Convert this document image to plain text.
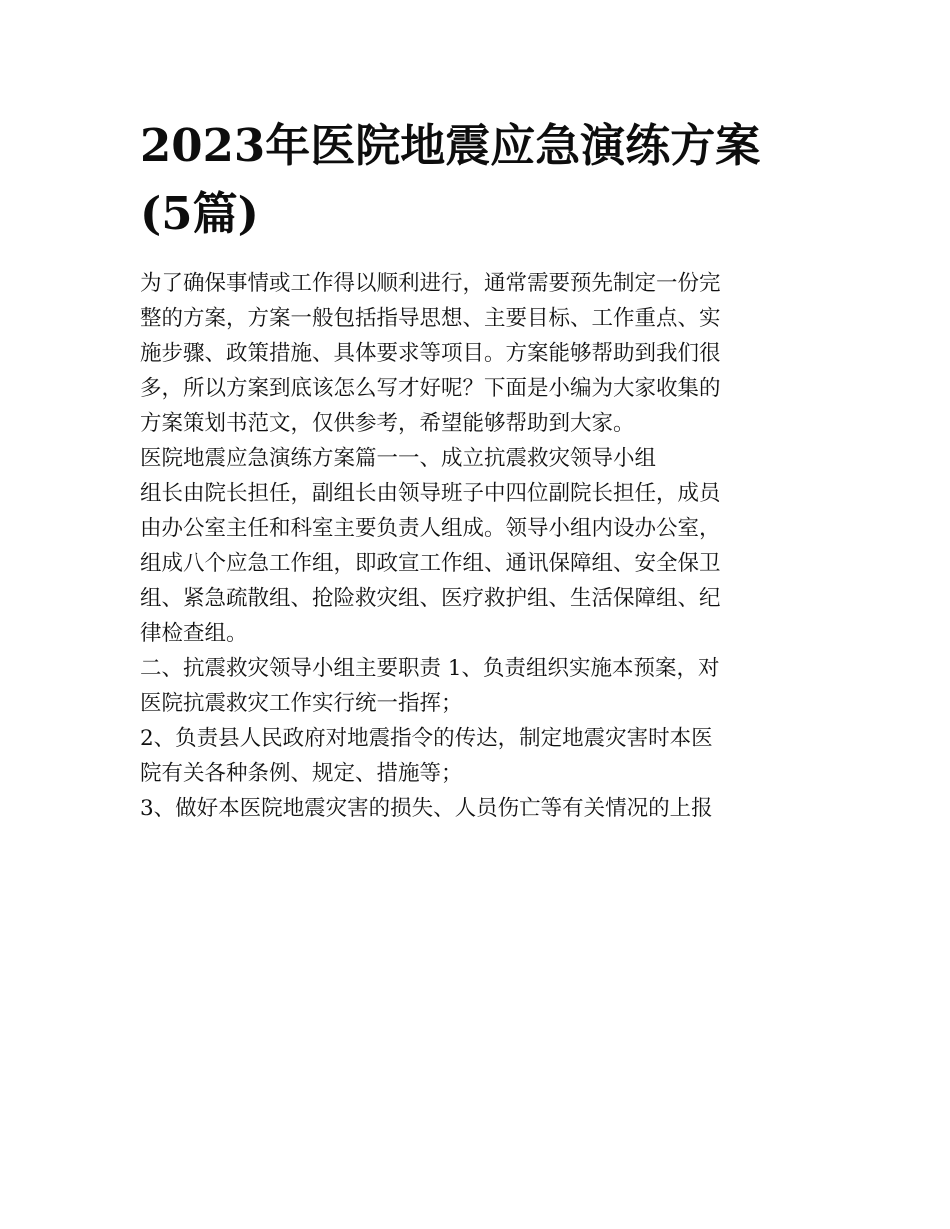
2023年医院地震应急演练方案
(5篇)

为了确保事情或工作得以顺利进行，通常需要预先制定一份完
整的方案，方案一般包括指导思想、主要目标、工作重点、实
施步骤、政策措施、具体要求等项目。方案能够帮助到我们很
多，所以方案到底该怎么写才好呢？下面是小编为大家收集的
方案策划书范文，仅供参考，希望能够帮助到大家。

医院地震应急演练方案篇一一、成立抗震救灾领导小组

组长由院长担任，副组长由领导班子中四位副院长担任，成员
由办公室主任和科室主要负责人组成。领导小组内设办公室，
组成八个应急工作组，即政宣工作组、通讯保障组、安全保卫
组、紧急疏散组、抢险救灾组、医疗救护组、生活保障组、纪
律检查组。

二、抗震救灾领导小组主要职责 1、负责组织实施本预案，对
医院抗震救灾工作实行统一指挥；

2、负责县人民政府对地震指令的传达，制定地震灾害时本医
院有关各种条例、规定、措施等；

3、做好本医院地震灾害的损失、人员伤亡等有关情况的上报
